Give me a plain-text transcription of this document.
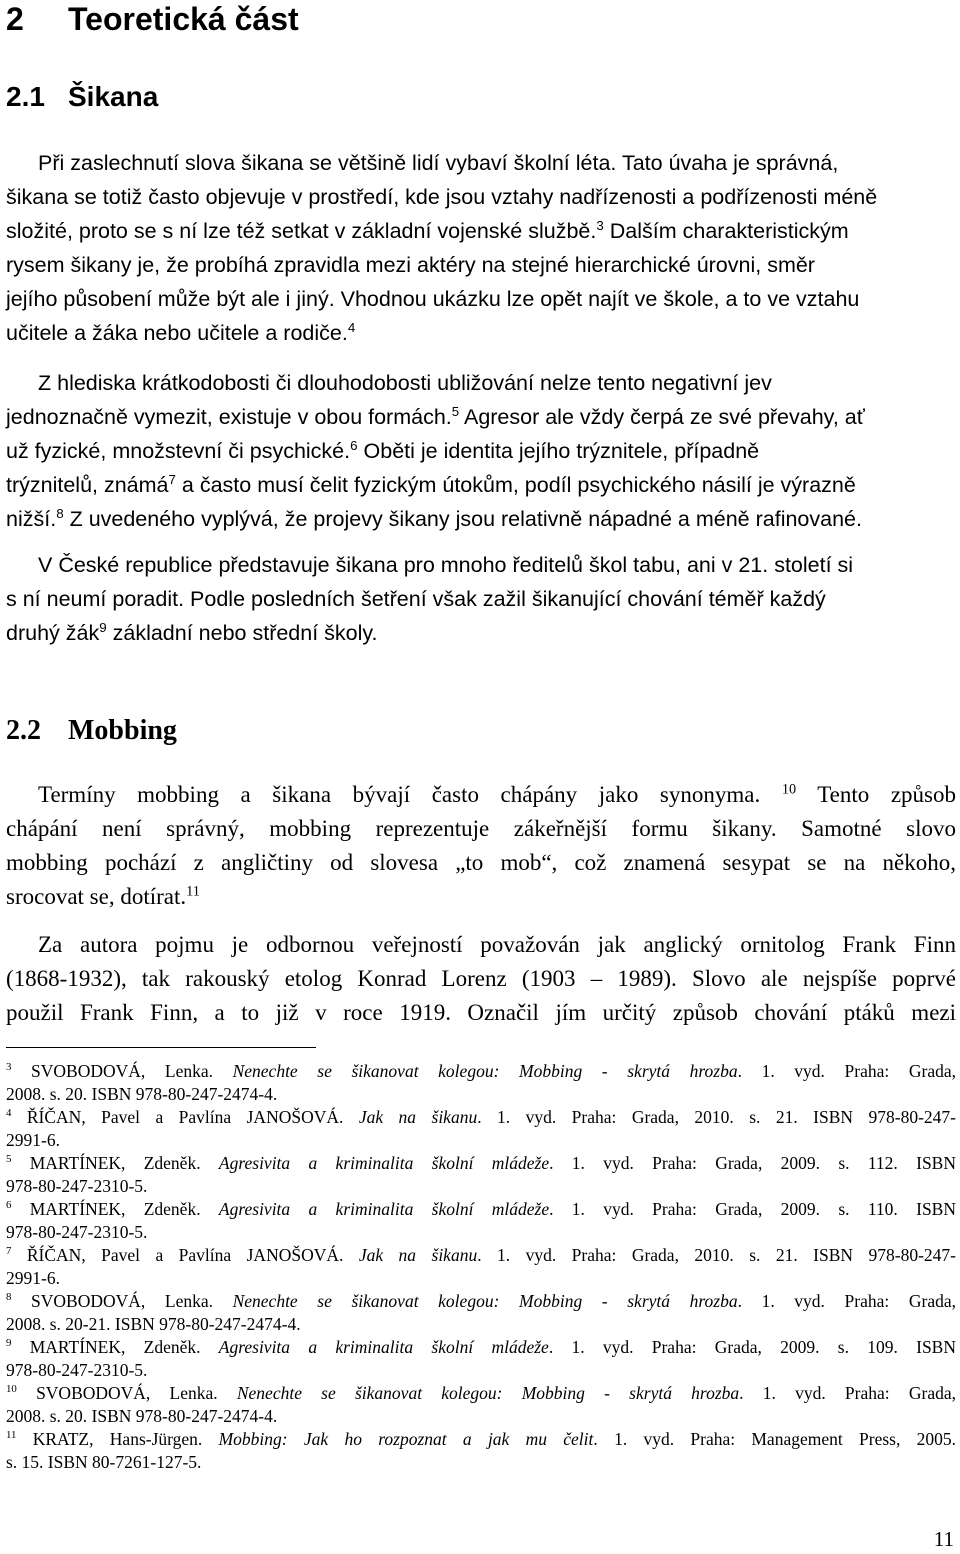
2 Teoretická část
2.1 Šikana
Při zaslechnutí slova šikana se většině lidí vybaví školní léta. Tato úvaha je správná,
šikana se totiž často objevuje v prostředí, kde jsou vztahy nadřízenosti a podřízenosti méně
složité, proto se s ní lze též setkat v základní vojenské službě.$^3$ Dalším charakteristickým
rysem šikany je, že probíhá zpravidla mezi aktéry na stejné hierarchické úrovni, směr
jejího působení může být ale i jiný. Vhodnou ukázku lze opět najít ve škole, a to ve vztahu
učitele a žáka nebo učitele a rodiče.$^4$
Z hlediska krátkodobosti či dlouhodobosti ubližování nelze tento negativní jev
jednoznačně vymezit, existuje v obou formách.$^5$ Agresor ale vždy čerpá ze své převahy, ať
už fyzické, množstevní či psychické.$^6$ Oběti je identita jejího trýznitele, případně
trýznitelů, známá$^7$ a často musí čelit fyzickým útokům, podíl psychického násilí je výrazně
nižší.$^8$ Z uvedeného vyplývá, že projevy šikany jsou relativně nápadné a méně rafinované.
V České republice představuje šikana pro mnoho ředitelů škol tabu, ani v 21. století si
s ní neumí poradit. Podle posledních šetření však zažil šikanující chování téměř každý
druhý žák$^9$ základní nebo střední školy.
2.2 Mobbing
Termíny mobbing a šikana bývají často chápány jako synonyma. $^{10}$ Tento způsob
chápání není správný, mobbing reprezentuje zákeřnější formu šikany. Samotné slovo
mobbing pochází z angličtiny od slovesa „to mob“, což znamená sesypat se na někoho,
srocovat se, dotírat.$^{11}$
Za autora pojmu je odbornou veřejností považován jak anglický ornitolog Frank Finn
(1868-1932), tak rakouský etolog Konrad Lorenz (1903 – 1989). Slovo ale nejspíše poprvé
použil Frank Finn, a to již v roce 1919. Označil jím určitý způsob chování ptáků mezi
$^3$ SVOBODOVÁ, Lenka. Nenechte se šikanovat kolegou: Mobbing - skrytá hrozba. 1. vyd. Praha: Grada,
2008. s. 20. ISBN 978-80-247-2474-4.
$^4$ ŘÍČAN, Pavel a Pavlína JANOŠOVÁ. Jak na šikanu. 1. vyd. Praha: Grada, 2010. s. 21. ISBN 978-80-247-
2991-6.
$^5$ MARTÍNEK, Zdeněk. Agresivita a kriminalita školní mládeže. 1. vyd. Praha: Grada, 2009. s. 112. ISBN
978-80-247-2310-5.
$^6$ MARTÍNEK, Zdeněk. Agresivita a kriminalita školní mládeže. 1. vyd. Praha: Grada, 2009. s. 110. ISBN
978-80-247-2310-5.
$^7$ ŘÍČAN, Pavel a Pavlína JANOŠOVÁ. Jak na šikanu. 1. vyd. Praha: Grada, 2010. s. 21. ISBN 978-80-247-
2991-6.
$^8$ SVOBODOVÁ, Lenka. Nenechte se šikanovat kolegou: Mobbing - skrytá hrozba. 1. vyd. Praha: Grada,
2008. s. 20-21. ISBN 978-80-247-2474-4.
$^9$ MARTÍNEK, Zdeněk. Agresivita a kriminalita školní mládeže. 1. vyd. Praha: Grada, 2009. s. 109. ISBN
978-80-247-2310-5.
$^{10}$ SVOBODOVÁ, Lenka. Nenechte se šikanovat kolegou: Mobbing - skrytá hrozba. 1. vyd. Praha: Grada,
2008. s. 20. ISBN 978-80-247-2474-4.
$^{11}$ KRATZ, Hans-Jürgen. Mobbing: Jak ho rozpoznat a jak mu čelit. 1. vyd. Praha: Management Press, 2005.
s. 15. ISBN 80-7261-127-5.
11
